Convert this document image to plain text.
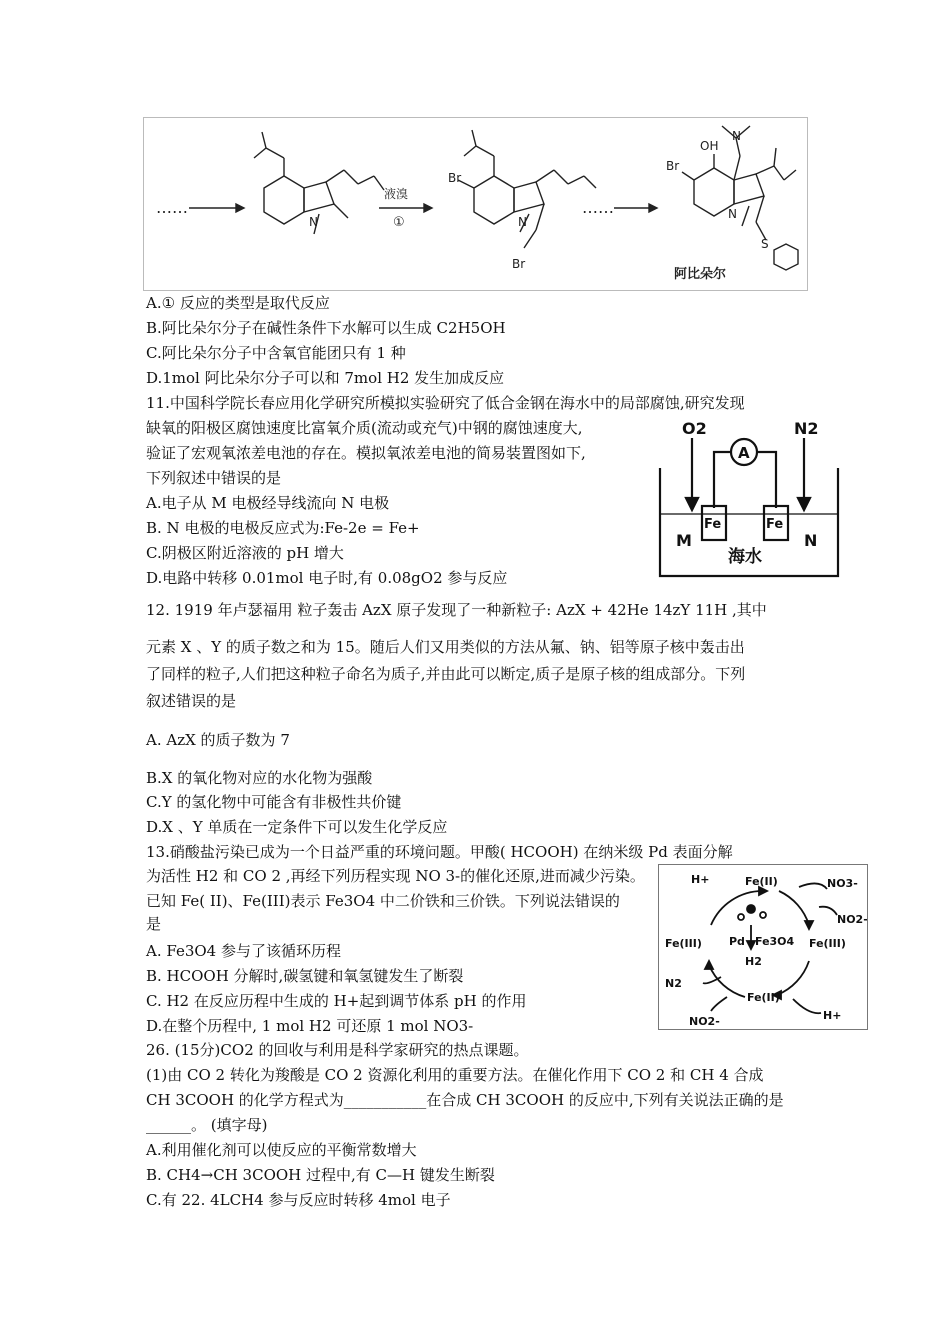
……	……
液溴
①
N	N
Br
Br
N
Br
OH
N
S
阿比朵尔
A.① 反应的类型是取代反应
B.阿比朵尔分子在碱性条件下水解可以生成 C2H5OH
C.阿比朵尔分子中含氧官能团只有 1 种
D.1mol 阿比朵尔分子可以和 7mol H2 发生加成反应
11.中国科学院长春应用化学研究所模拟实验研究了低合金钢在海水中的局部腐蚀,研究发现
缺氧的阳极区腐蚀速度比富氧介质(流动或充气)中钢的腐蚀速度大,
验证了宏观氧浓差电池的存在。模拟氧浓差电池的简易装置图如下,
下列叙述中错误的是
A.电子从 M 电极经导线流向 N 电极
B. N 电极的电极反应式为:Fe-2e = Fe+
C.阴极区附近溶液的 pH 增大
D.电路中转移 0.01mol 电子时,有 0.08gO2 参与反应
O2	N2
A
Fe	Fe
M	N
海水
12. 1919 年卢瑟福用 粒子轰击 AzX 原子发现了一种新粒子: AzX + 42He 14zY 11H ,其中
元素 X 、Y 的质子数之和为 15。随后人们又用类似的方法从氟、钠、铝等原子核中轰击出
了同样的粒子,人们把这种粒子命名为质子,并由此可以断定,质子是原子核的组成部分。下列
叙述错误的是
A. AzX 的质子数为 7
B.X 的氧化物对应的水化物为强酸
C.Y 的氢化物中可能含有非极性共价键
D.X 、Y 单质在一定条件下可以发生化学反应
13.硝酸盐污染已成为一个日益严重的环境问题。甲酸( HCOOH) 在纳米级 Pd 表面分解
为活性 H2 和 CO 2 ,再经下列历程实现 NO 3-的催化还原,进而减少污染。
已知 Fe( II)、Fe(III)表示 Fe3O4 中二价铁和三价铁。下列说法错误的
是
A. Fe3O4 参与了该循环历程
B. HCOOH 分解时,碳氢键和氧氢键发生了断裂
C. H2 在反应历程中生成的 H+起到调节体系 pH 的作用
D.在整个历程中, 1 mol H2 可还原 1 mol NO3-
H+	Fe(II)	NO3-
NO2-
Fe(III)	Fe(III)
Pd Fe3O4
H2
N2
Fe(II)
NO2-	H+
26. (15分)CO2 的回收与利用是科学家研究的热点课题。
(1)由 CO 2 转化为羧酸是 CO 2 资源化利用的重要方法。在催化作用下 CO 2 和 CH 4 合成
CH 3COOH 的化学方程式为___________在合成 CH 3COOH 的反应中,下列有关说法正确的是
______。 (填字母)
A.利用催化剂可以使反应的平衡常数增大
B. CH4→CH 3COOH 过程中,有 C—H 键发生断裂
C.有 22. 4LCH4 参与反应时转移 4mol 电子
